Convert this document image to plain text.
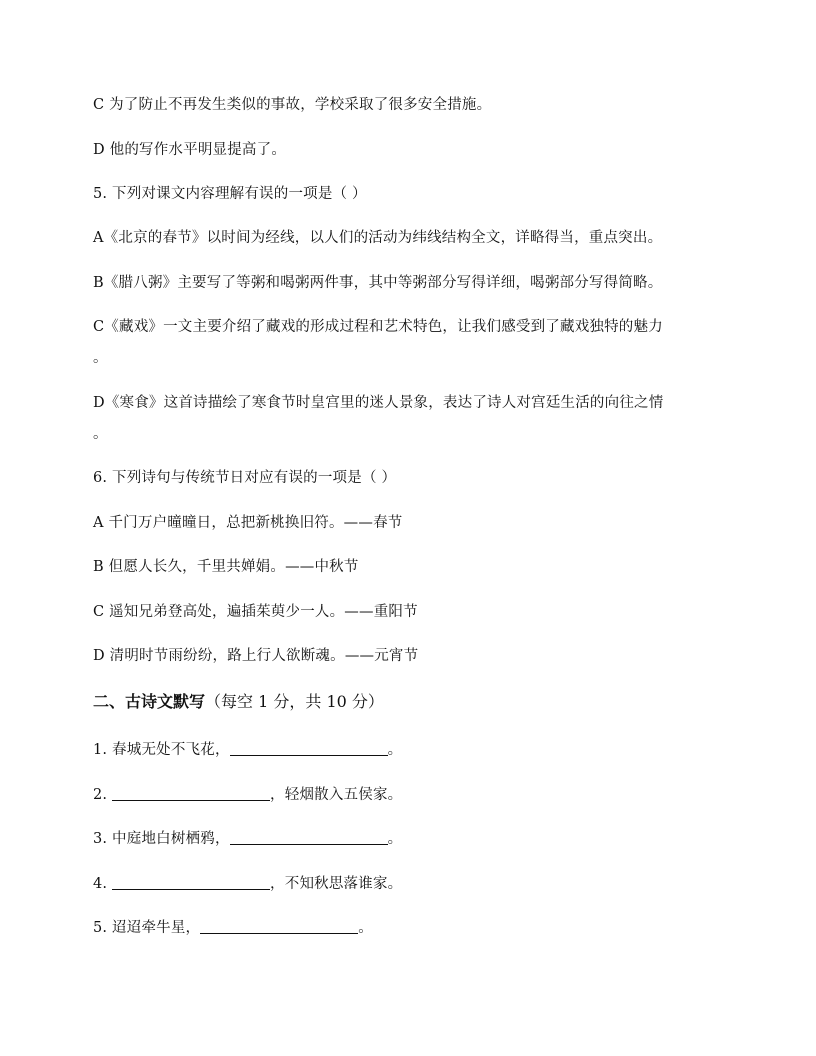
C 为了防止不再发生类似的事故，学校采取了很多安全措施。
D 他的写作水平明显提高了。
5. 下列对课文内容理解有误的一项是（ ）
A《北京的春节》以时间为经线，以人们的活动为纬线结构全文，详略得当，重点突出。
B《腊八粥》主要写了等粥和喝粥两件事，其中等粥部分写得详细，喝粥部分写得简略。
C《藏戏》一文主要介绍了藏戏的形成过程和艺术特色，让我们感受到了藏戏独特的魅力
。
D《寒食》这首诗描绘了寒食节时皇宫里的迷人景象，表达了诗人对宫廷生活的向往之情
。
6. 下列诗句与传统节日对应有误的一项是（ ）
A 千门万户曈曈日，总把新桃换旧符。——春节
B 但愿人长久，千里共婵娟。——中秋节
C 遥知兄弟登高处，遍插茱萸少一人。——重阳节
D 清明时节雨纷纷，路上行人欲断魂。——元宵节
二、古诗文默写（每空 1 分，共 10 分）
1. 春城无处不飞花，	。
2.	，轻烟散入五侯家。
3. 中庭地白树栖鸦，	。
4.	，不知秋思落谁家。
5. 迢迢牵牛星，	。
